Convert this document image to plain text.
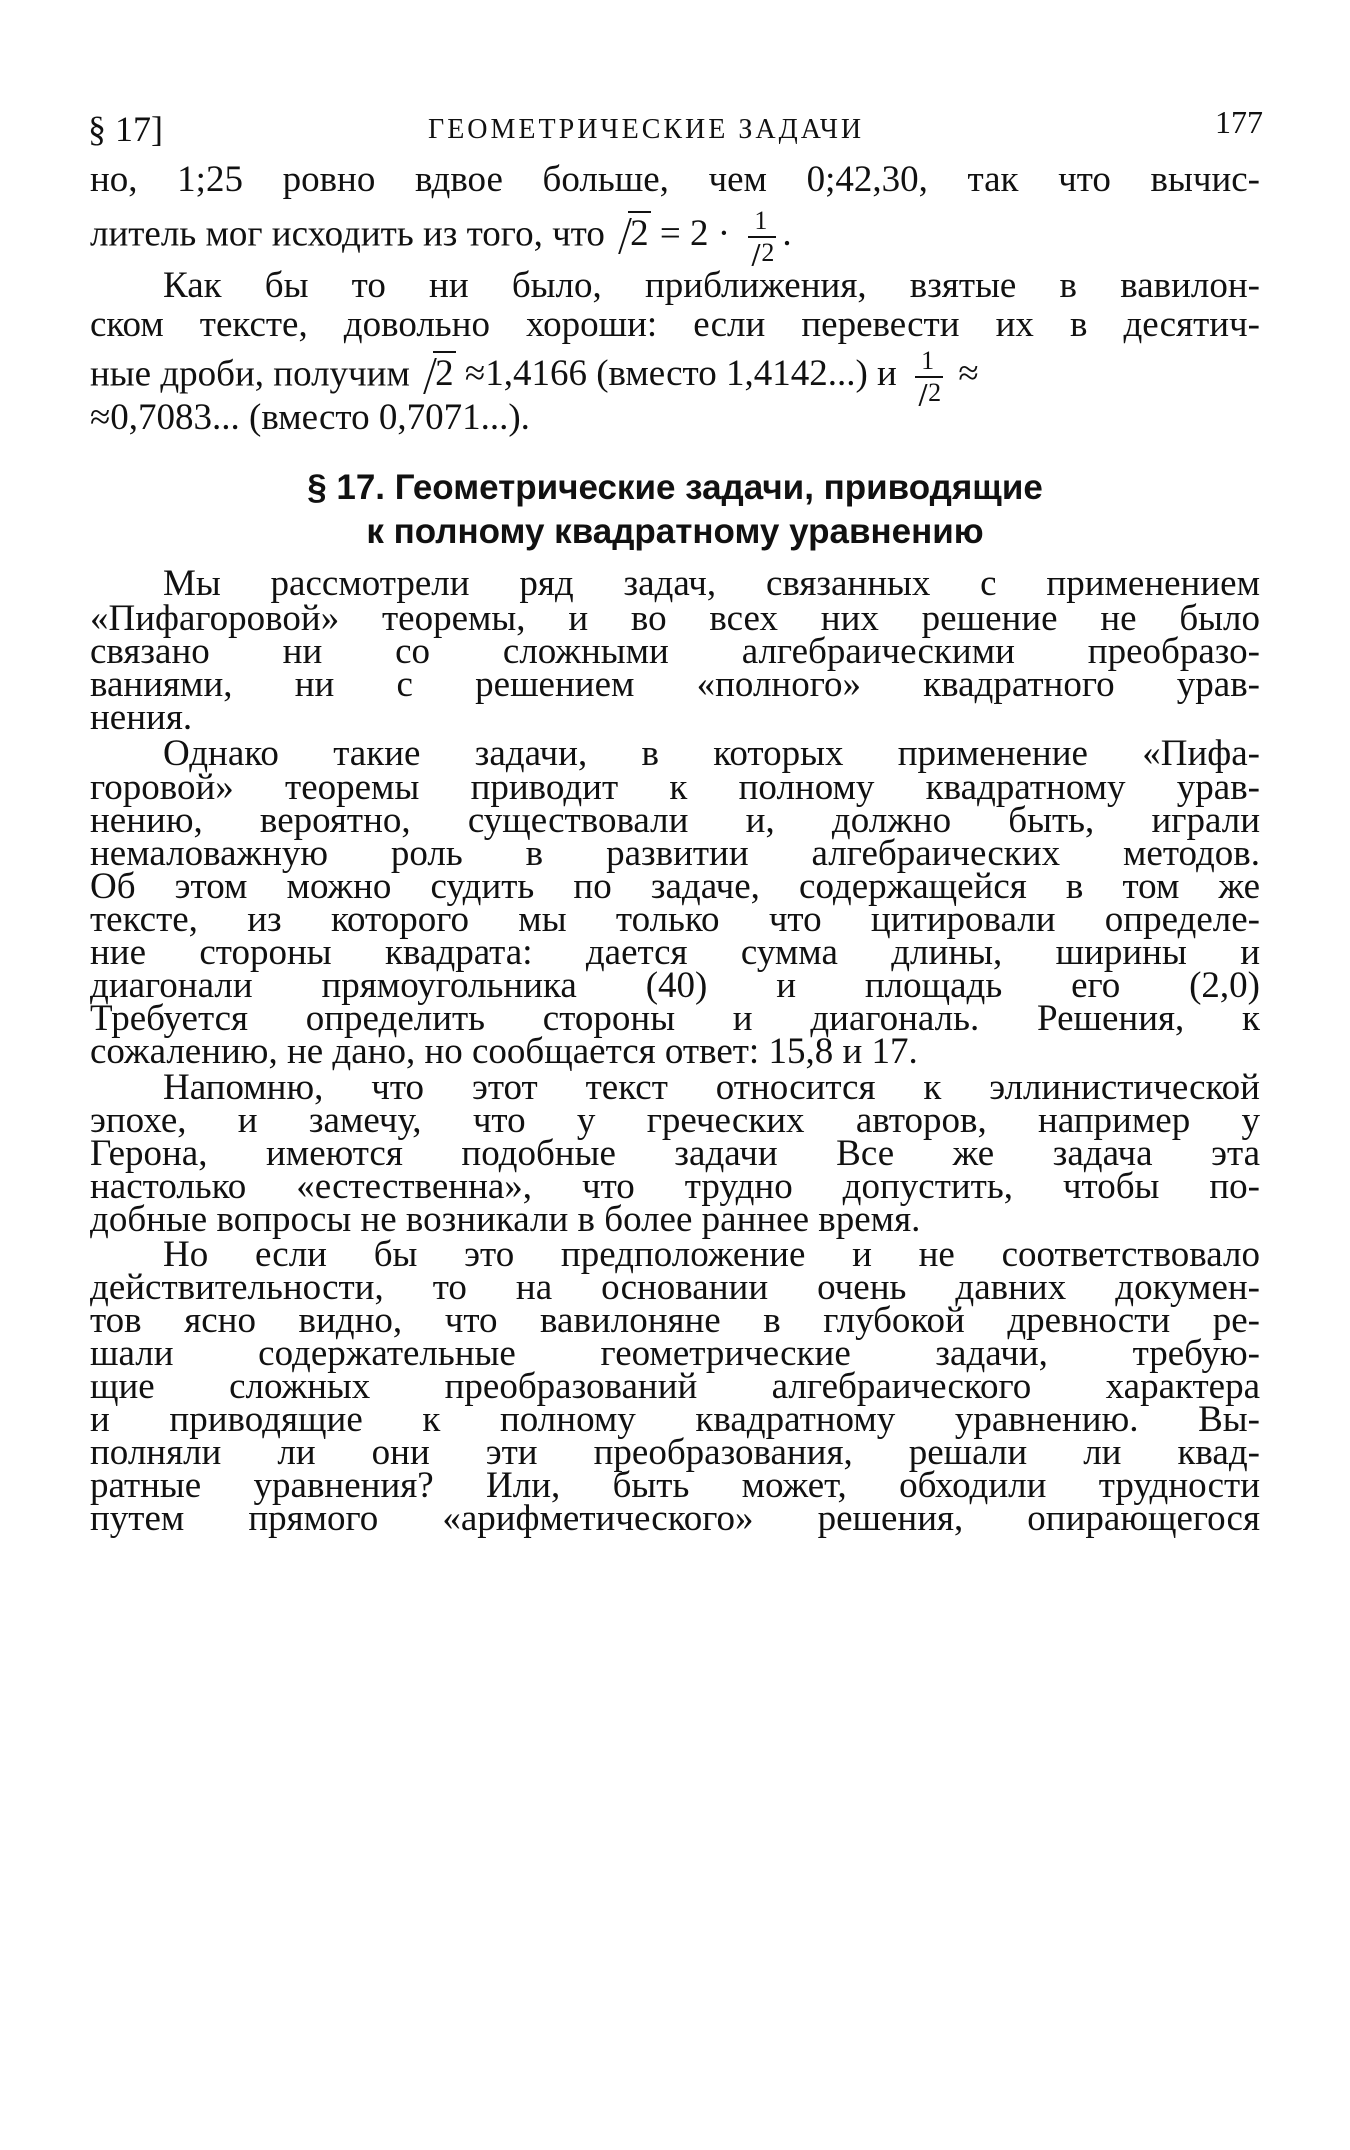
§ 17]	ГЕОМЕТРИЧЕСКИЕ ЗАДАЧИ	177
но, 1;25 ровно вдвое больше, чем 0;42,30, так что вычис-
литель мог исходить из того, что $2 = 2 \cdot \frac{1}{2}$ .
Как бы то ни было, приближения, взятые в вавилон-
ском тексте, довольно хороши: если перевести их в десятич-
ные дроби, получим 2 ≈1,4166 (вместо 1,4142...) и $\frac{1}{2}$ ≈
≈0,7083... (вместо 0,7071...).
§ 17. Геометрические задачи, приводящие
к полному квадратному уравнению
Мы рассмотрели ряд задач, связанных с применением
«Пифагоровой» теоремы, и во всех них решение не было
связано ни со сложными алгебраическими преобразо-
ваниями, ни с решением «полного» квадратного урав-
нения.
Однако такие задачи, в которых применение «Пифа-
горовой» теоремы приводит к полному квадратному урав-
нению, вероятно, существовали и, должно быть, играли
немаловажную роль в развитии алгебраических методов.
Об этом можно судить по задаче, содержащейся в том же
тексте, из которого мы только что цитировали определе-
ние стороны квадрата: дается сумма длины, ширины и
диагонали прямоугольника (40) и площадь его (2,0)
Требуется определить стороны и диагональ. Решения, к
сожалению, не дано, но сообщается ответ: 15,8 и 17.
Напомню, что этот текст относится к эллинистической
эпохе, и замечу, что у греческих авторов, например у
Герона, имеются подобные задачи Все же задача эта
настолько «естественна», что трудно допустить, чтобы по-
добные вопросы не возникали в более раннее время.
Но если бы это предположение и не соответствовало
действительности, то на основании очень давних докумен-
тов ясно видно, что вавилоняне в глубокой древности ре-
шали содержательные геометрические задачи, требую-
щие сложных преобразований алгебраического характера
и приводящие к полному квадратному уравнению. Вы-
полняли ли они эти преобразования, решали ли квад-
ратные уравнения? Или, быть может, обходили трудности
путем прямого «арифметического» решения, опирающегося
